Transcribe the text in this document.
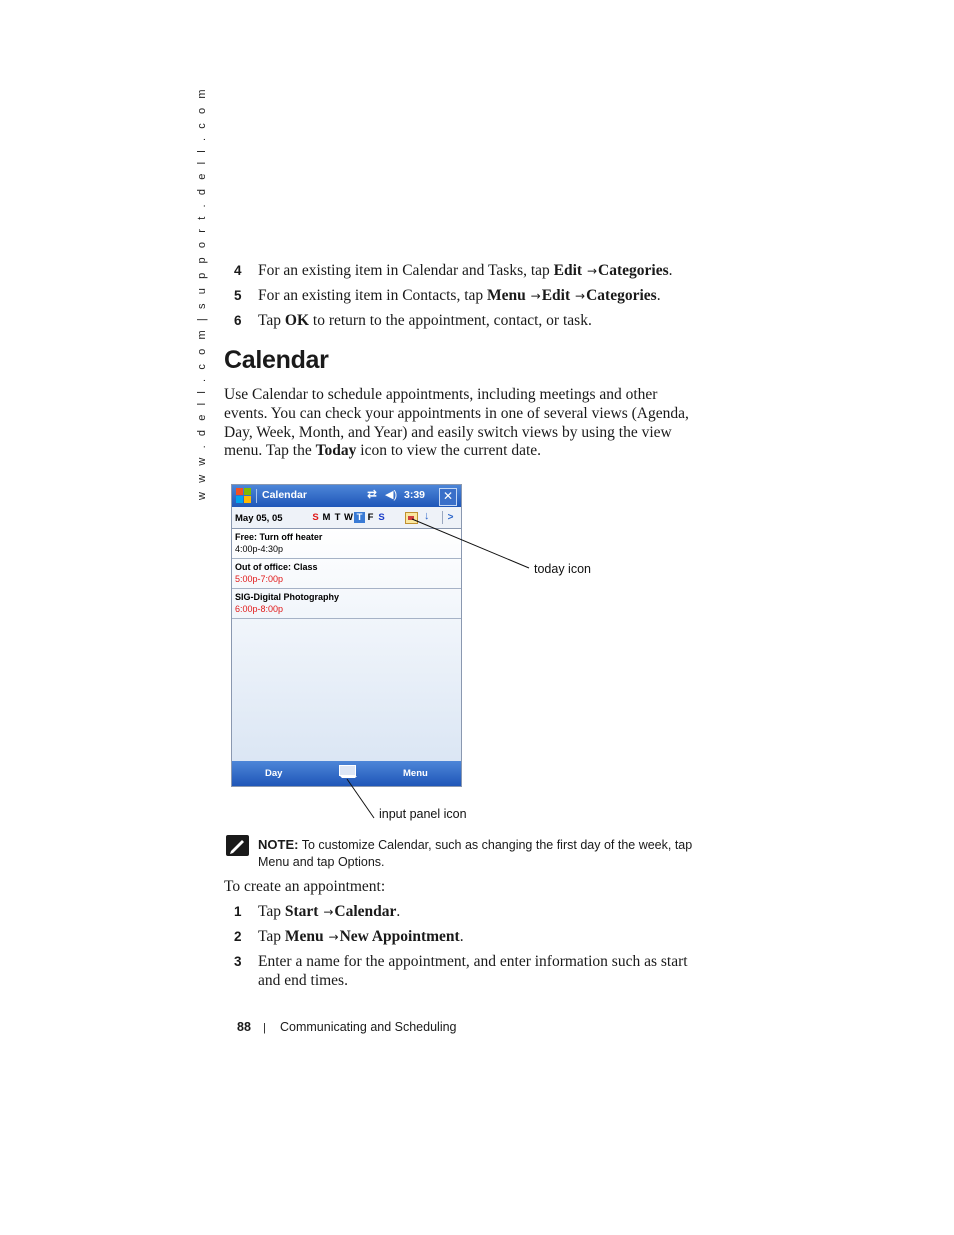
w w w . d e l l . c o m | s u p p o r t . d e l l . c o m 4 For an existing item in Calendar and Tasks, tap Edit →Categories.
5 For an existing item in Contacts, tap Menu →Edit →Categories.
6 Tap OK to return to the appointment, contact, or task.
Calendar

Use Calendar to schedule appointments, including meetings and other events. You can check your appointments in one of several views (Agenda, Day, Week, Month, and Year) and easily switch views by using the view menu. Tap the Today icon to view the current date.

Calendar	⇄ ◀) 3:39	✕
May 05, 05	S M T W T F S	↓	>
Free: Turn off heater
4:00p-4:30p
Out of office: Class
5:00p-7:00p
SIG-Digital Photography
6:00p-8:00p
Day	Menu
today icon
input panel icon
NOTE: To customize Calendar, such as changing the first day of the week, tap Menu and tap Options.
To create an appointment:
1 Tap Start →Calendar.
2 Tap Menu →New Appointment.
3 Enter a name for the appointment, and enter information such as start and end times.
88 | Communicating and Scheduling
